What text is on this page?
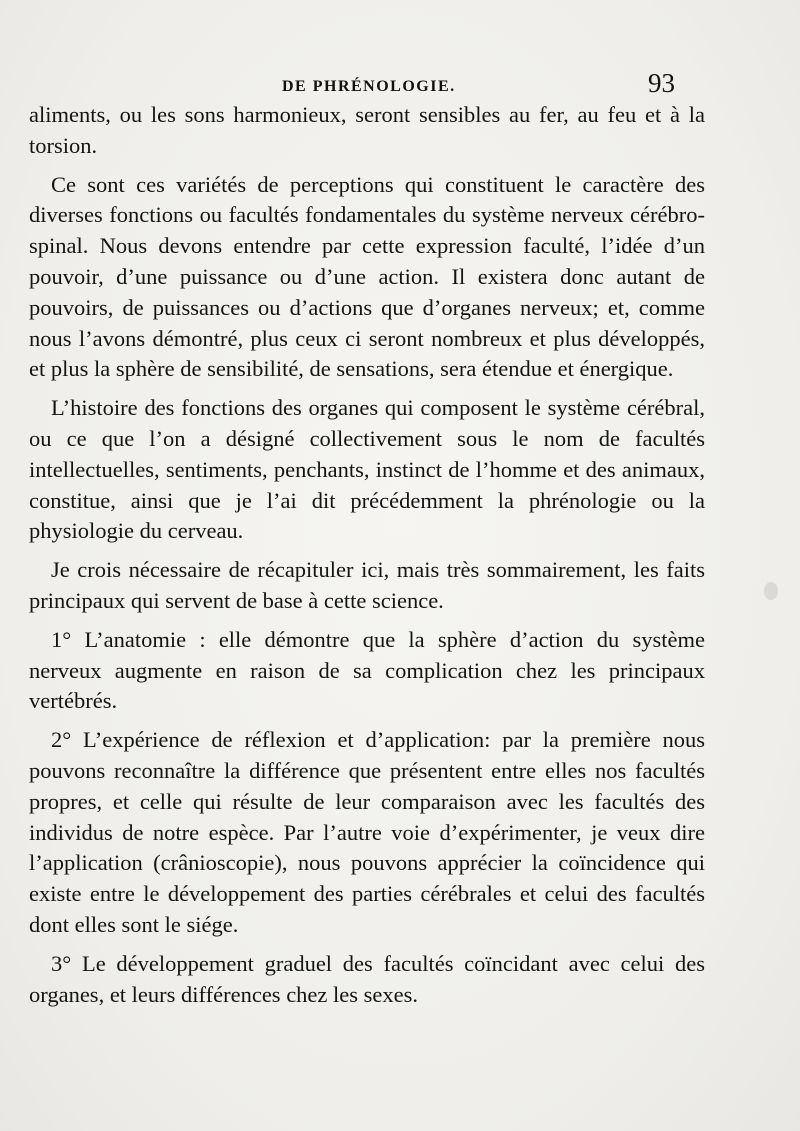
DE PHRÉNOLOGIE.	93

aliments, ou les sons harmonieux, seront sensibles au fer, au feu et à la torsion.

Ce sont ces variétés de perceptions qui constituent le caractère des diverses fonctions ou facultés fondamentales du système nerveux cérébro-spinal. Nous devons entendre par cette expression faculté, l’idée d’un pouvoir, d’une puissance ou d’une action. Il existera donc autant de pouvoirs, de puissances ou d’actions que d’organes nerveux; et, comme nous l’avons démontré, plus ceux ci seront nombreux et plus développés, et plus la sphère de sensibilité, de sensations, sera étendue et énergique.

L’histoire des fonctions des organes qui composent le système cérébral, ou ce que l’on a désigné collectivement sous le nom de facultés intellectuelles, sentiments, penchants, instinct de l’homme et des animaux, constitue, ainsi que je l’ai dit précédemment la phrénologie ou la physiologie du cerveau.

Je crois nécessaire de récapituler ici, mais très sommairement, les faits principaux qui servent de base à cette science.

1° L’anatomie : elle démontre que la sphère d’action du système nerveux augmente en raison de sa complication chez les principaux vertébrés.

2° L’expérience de réflexion et d’application: par la première nous pouvons reconnaître la différence que présentent entre elles nos facultés propres, et celle qui résulte de leur comparaison avec les facultés des individus de notre espèce. Par l’autre voie d’expérimenter, je veux dire l’application (crânioscopie), nous pouvons apprécier la coïncidence qui existe entre le développement des parties cérébrales et celui des facultés dont elles sont le siége.

3° Le développement graduel des facultés coïncidant avec celui des organes, et leurs différences chez les sexes.
